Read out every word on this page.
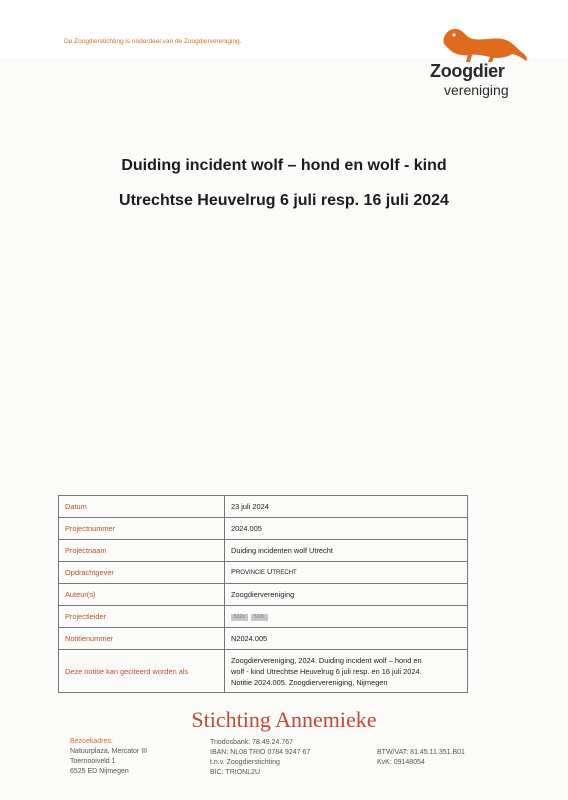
De Zoogdierstichting is onderdeel van de Zoogdiervereniging.
Zoogdier
vereniging
Duiding incident wolf – hond en wolf - kind
Utrechtse Heuvelrug 6 juli resp. 16 juli 2024
Datum	23 juli 2024
Projectnummer	2024.005
Projectnaam	Duiding incidenten wolf Utrecht
Opdrachtgever	PROVINCIE UTRECHT
Auteur(s)	Zoogdiervereniging
Projectleider	512x 512x
Notitienummer	N2024.005
Deze notitie kan geciteerd worden als	Zoogdiervereniging, 2024. Duiding incident wolf – hond en
wolf - kind Utrechtse Heuvelrug 6 juli resp. en 16 juli 2024.
Notitie 2024.005. Zoogdiervereniging, Nijmegen
Stichting Annemieke
Bezoekadres:
Natuurplaza, Mercator III
Toernooiveld 1
6525 ED Nijmegen
Triodosbank: 78.49.24.767
IBAN: NL08 TRIO 0784 9247 67
t.n.v. Zoogdierstichting
BIC: TRIONL2U
BTW/VAT: 81.45.11.351.B01
KvK: 09148054
